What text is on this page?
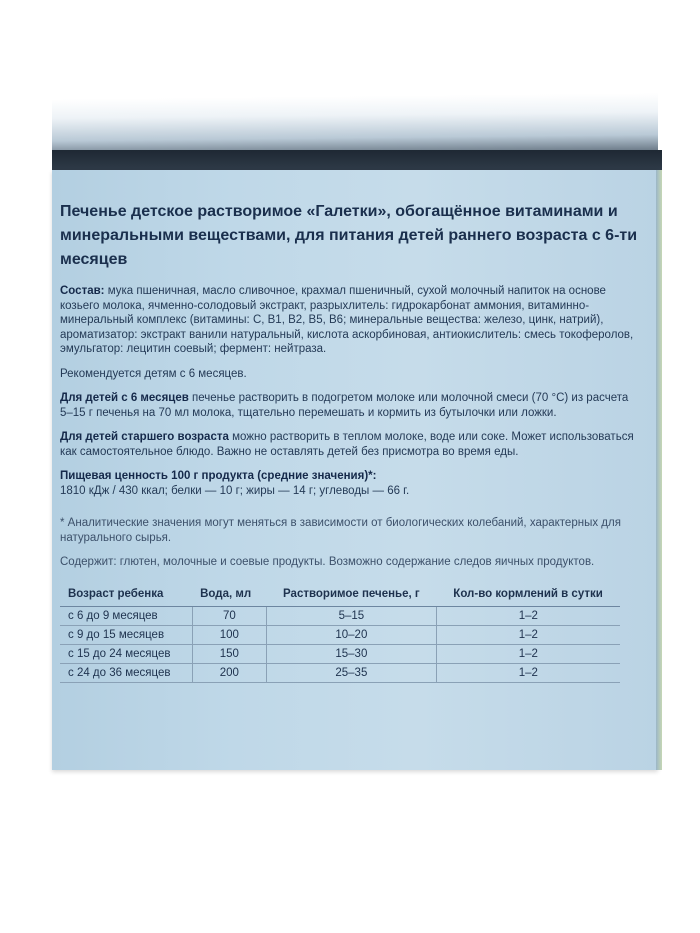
Печенье детское растворимое «Галетки», обогащённое витаминами и минеральными веществами, для питания детей раннего возраста с 6-ти месяцев

Состав: мука пшеничная, масло сливочное, крахмал пшеничный, сухой молочный напиток на основе козьего молока, ячменно-солодовый экстракт, разрыхлитель: гидрокарбонат аммония, витаминно-минеральный комплекс (витамины: С, В1, В2, В5, В6; минеральные вещества: железо, цинк, натрий), ароматизатор: экстракт ванили натуральный, кислота аскорбиновая, антиокислитель: смесь токоферолов, эмульгатор: лецитин соевый; фермент: нейтраза.

Рекомендуется детям с 6 месяцев.

Для детей с 6 месяцев печенье растворить в подогретом молоке или молочной смеси (70 °С) из расчета 5–15 г печенья на 70 мл молока, тщательно перемешать и кормить из бутылочки или ложки.

Для детей старшего возраста можно растворить в теплом молоке, воде или соке. Может использоваться как самостоятельное блюдо. Важно не оставлять детей без присмотра во время еды.

Пищевая ценность 100 г продукта (средние значения)*:
1810 кДж / 430 ккал; белки — 10 г; жиры — 14 г; углеводы — 66 г.

* Аналитические значения могут меняться в зависимости от биологических колебаний, характерных для натурального сырья.

Содержит: глютен, молочные и соевые продукты. Возможно содержание следов яичных продуктов.

Возраст ребенка	Вода, мл	Растворимое печенье, г	Кол-во кормлений в сутки
с 6 до 9 месяцев	70	5–15	1–2
с 9 до 15 месяцев	100	10–20	1–2
с 15 до 24 месяцев	150	15–30	1–2
с 24 до 36 месяцев	200	25–35	1–2
